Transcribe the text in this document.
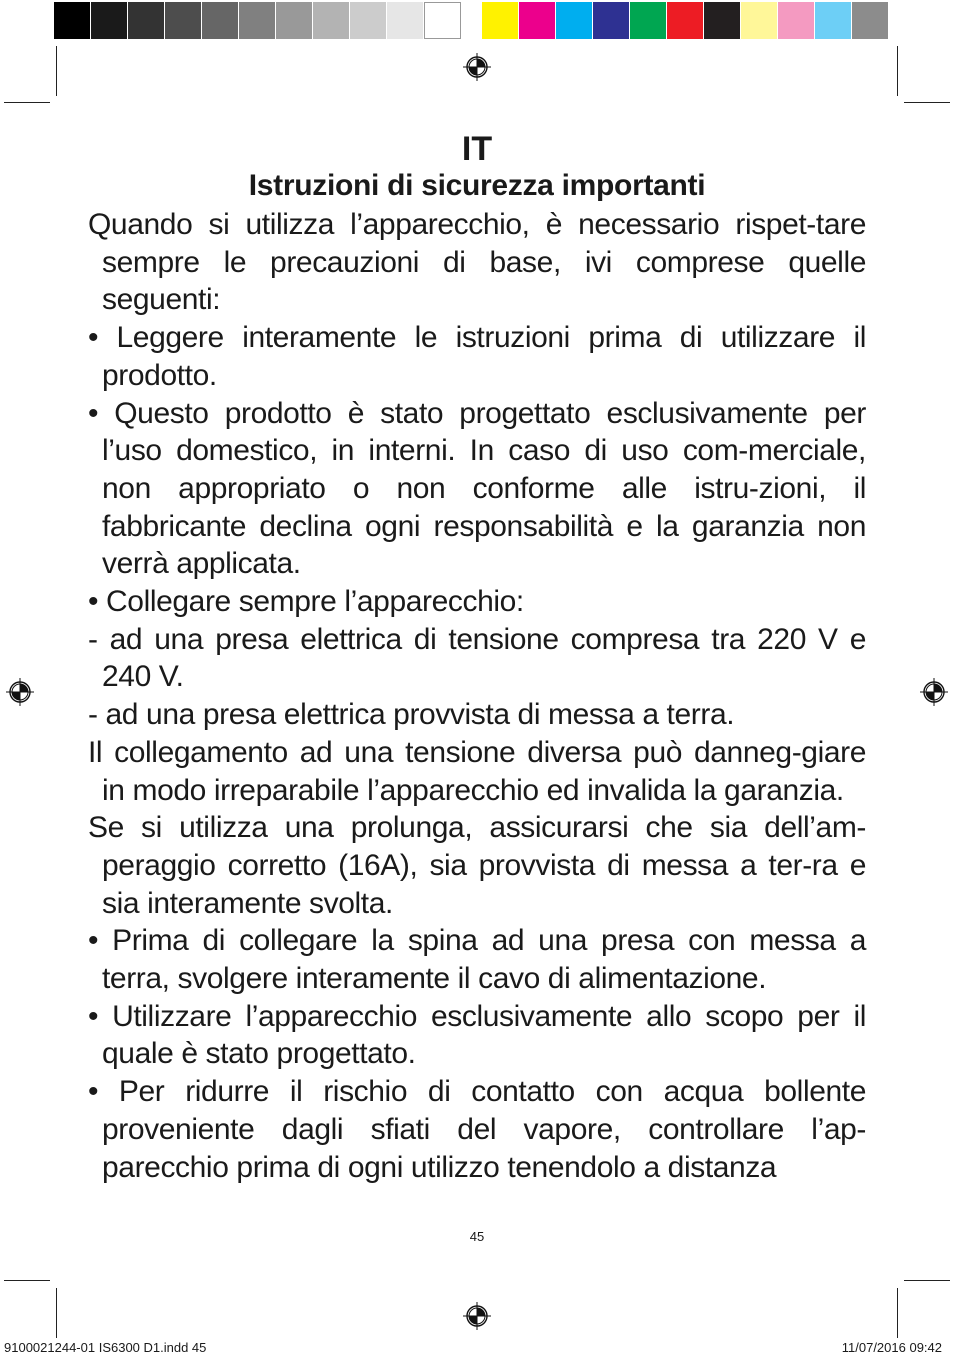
IT
Istruzioni di sicurezza importanti

Quando si utilizza l’apparecchio, è necessario rispet-tare sempre le precauzioni di base, ivi comprese quelle seguenti:

• Leggere interamente le istruzioni prima di utilizzare il prodotto.

• Questo prodotto è stato progettato esclusivamente per l’uso domestico, in interni. In caso di uso com-merciale, non appropriato o non conforme alle istru-zioni, il fabbricante declina ogni responsabilità e la garanzia non verrà applicata.

• Collegare sempre l’apparecchio:

- ad una presa elettrica di tensione compresa tra 220 V e 240 V.

- ad una presa elettrica provvista di messa a terra.

Il collegamento ad una tensione diversa può danneg-giare in modo irreparabile l’apparecchio ed invalida la garanzia.

Se si utilizza una prolunga, assicurarsi che sia dell’am-peraggio corretto (16A), sia provvista di messa a ter-ra e sia interamente svolta.

• Prima di collegare la spina ad una presa con messa a terra, svolgere interamente il cavo di alimentazione.

• Utilizzare l’apparecchio esclusivamente allo scopo per il quale è stato progettato.

• Per ridurre il rischio di contatto con acqua bollente proveniente dagli sfiati del vapore, controllare l’ap-parecchio prima di ogni utilizzo tenendolo a distanza

45
9100021244-01 IS6300 D1.indd 45	11/07/2016 09:42
